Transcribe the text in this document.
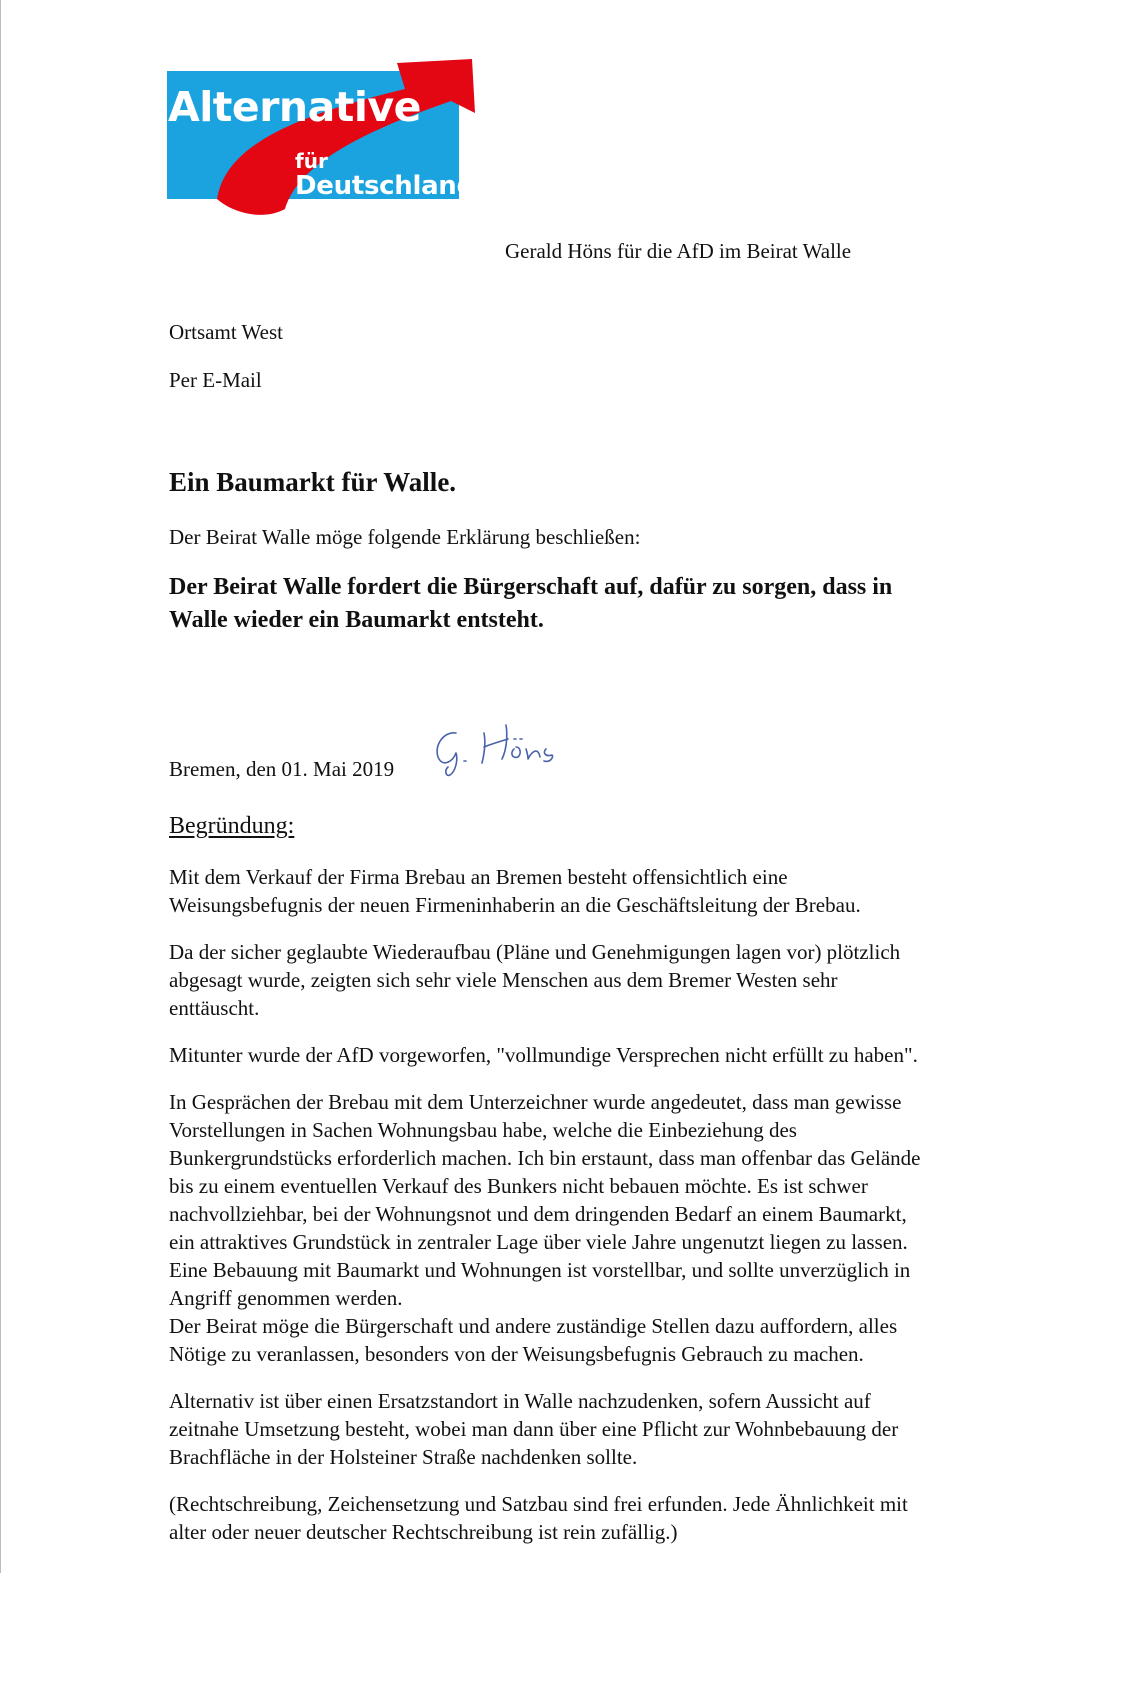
Alternative
für
Deutschland
Gerald Höns für die AfD im Beirat Walle
Ortsamt West
Per E-Mail
Ein Baumarkt für Walle.
Der Beirat Walle möge folgende Erklärung beschließen:
Der Beirat Walle fordert die Bürgerschaft auf, dafür zu sorgen, dass in
Walle wieder ein Baumarkt entsteht.
Bremen, den 01. Mai 2019
Begründung:

Mit dem Verkauf der Firma Brebau an Bremen besteht offensichtlich eine
Weisungsbefugnis der neuen Firmeninhaberin an die Geschäftsleitung der Brebau.

Da der sicher geglaubte Wiederaufbau (Pläne und Genehmigungen lagen vor) plötzlich
abgesagt wurde, zeigten sich sehr viele Menschen aus dem Bremer Westen sehr
enttäuscht.

Mitunter wurde der AfD vorgeworfen, "vollmundige Versprechen nicht erfüllt zu haben".

In Gesprächen der Brebau mit dem Unterzeichner wurde angedeutet, dass man gewisse
Vorstellungen in Sachen Wohnungsbau habe, welche die Einbeziehung des
Bunkergrundstücks erforderlich machen. Ich bin erstaunt, dass man offenbar das Gelände
bis zu einem eventuellen Verkauf des Bunkers nicht bebauen möchte. Es ist schwer
nachvollziehbar, bei der Wohnungsnot und dem dringenden Bedarf an einem Baumarkt,
ein attraktives Grundstück in zentraler Lage über viele Jahre ungenutzt liegen zu lassen.
Eine Bebauung mit Baumarkt und Wohnungen ist vorstellbar, und sollte unverzüglich in
Angriff genommen werden.
Der Beirat möge die Bürgerschaft und andere zuständige Stellen dazu auffordern, alles
Nötige zu veranlassen, besonders von der Weisungsbefugnis Gebrauch zu machen.

Alternativ ist über einen Ersatzstandort in Walle nachzudenken, sofern Aussicht auf
zeitnahe Umsetzung besteht, wobei man dann über eine Pflicht zur Wohnbebauung der
Brachfläche in der Holsteiner Straße nachdenken sollte.

(Rechtschreibung, Zeichensetzung und Satzbau sind frei erfunden. Jede Ähnlichkeit mit
alter oder neuer deutscher Rechtschreibung ist rein zufällig.)
